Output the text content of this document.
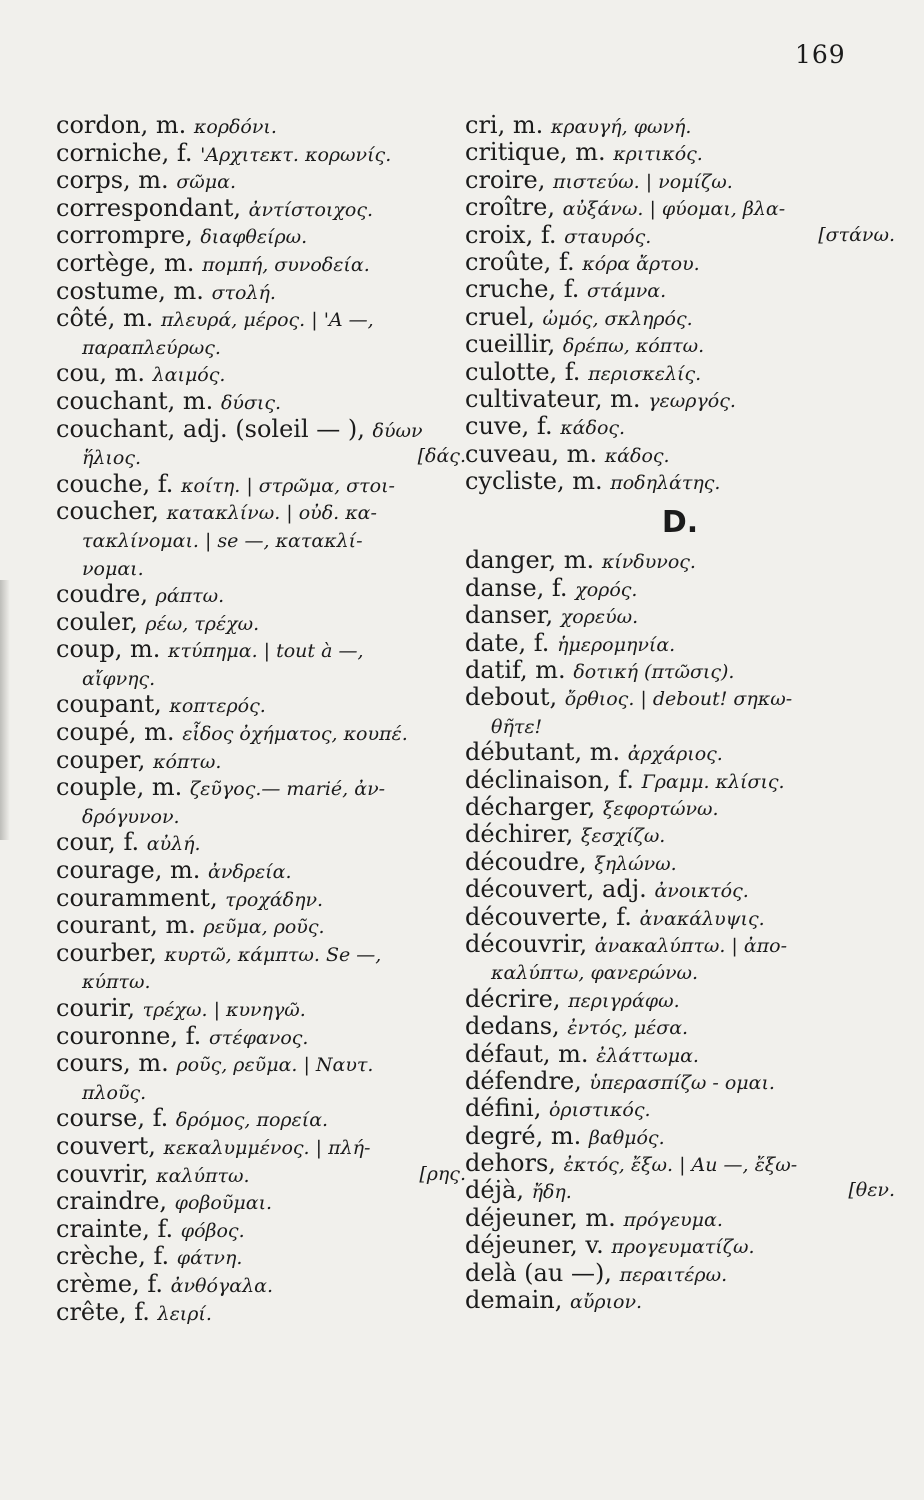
169
cordon, m. κορδόνι.
corniche, f. 'Αρχιτεκτ. κορωνίς.
corps, m. σῶμα.
correspondant, ἀντίστοιχος.
corrompre, διαφθείρω.
cortège, m. πομπή, συνοδεία.
costume, m. στολή.
côté, m. πλευρά, μέρος. | 'A —,
παραπλεύρως.
cou, m. λαιμός.
couchant, m. δύσις.
couchant, adj. (soleil — ), δύων
ἥλιος.	[δάς.
couche, f. κοίτη. | στρῶμα, στοι-
coucher, κατακλίνω. | οὐδ. κα-
τακλίνομαι. | se —, κατακλί-
νομαι.
coudre, ράπτω.
couler, ρέω, τρέχω.
coup, m. κτύπημα. | tout à —,
αἴφνης.
coupant, κοπτερός.
coupé, m. εἶδος ὀχήματος, κουπέ.
couper, κόπτω.
couple, m. ζεῦγος.— marié, ἀν-
δρόγυνον.
cour, f. αὐλή.
courage, m. ἀνδρεία.
couramment, τροχάδην.
courant, m. ρεῦμα, ροῦς.
courber, κυρτῶ, κάμπτω. Se —,
κύπτω.
courir, τρέχω. | κυνηγῶ.
couronne, f. στέφανος.
cours, m. ροῦς, ρεῦμα. | Ναυτ.
πλοῦς.
course, f. δρόμος, πορεία.
couvert, κεκαλυμμένος. | πλή-
couvrir, καλύπτω.	[ρης.
craindre, φοβοῦμαι.
crainte, f. φόβος.
crèche, f. φάτνη.
crème, f. ἀνθόγαλα.
crête, f. λειρί.
cri, m. κραυγή, φωνή.
critique, m. κριτικός.
croire, πιστεύω. | νομίζω.
croître, αὐξάνω. | φύομαι, βλα-
croix, f. σταυρός.	[στάνω.
croûte, f. κόρα ἄρτου.
cruche, f. στάμνα.
cruel, ὠμός, σκληρός.
cueillir, δρέπω, κόπτω.
culotte, f. περισκελίς.
cultivateur, m. γεωργός.
cuve, f. κάδος.
cuveau, m. κάδος.
cycliste, m. ποδηλάτης.
D.
danger, m. κίνδυνος.
danse, f. χορός.
danser, χορεύω.
date, f. ἡμερομηνία.
datif, m. δοτική (πτῶσις).
debout, ὄρθιος. | debout! σηκω-
θῆτε!
débutant, m. ἀρχάριος.
déclinaison, f. Γραμμ. κλίσις.
décharger, ξεφορτώνω.
déchirer, ξεσχίζω.
découdre, ξηλώνω.
découvert, adj. ἀνοικτός.
découverte, f. ἀνακάλυψις.
découvrir, ἀνακαλύπτω. | ἀπο-
καλύπτω, φανερώνω.
décrire, περιγράφω.
dedans, ἐντός, μέσα.
défaut, m. ἐλάττωμα.
défendre, ὑπερασπίζω - ομαι.
défini, ὁριστικός.
degré, m. βαθμός.
dehors, ἐκτός, ἔξω. | Au —, ἔξω-
déjà, ἤδη.	[θεν.
déjeuner, m. πρόγευμα.
déjeuner, v. προγευματίζω.
delà (au —), περαιτέρω.
demain, αὔριον.
